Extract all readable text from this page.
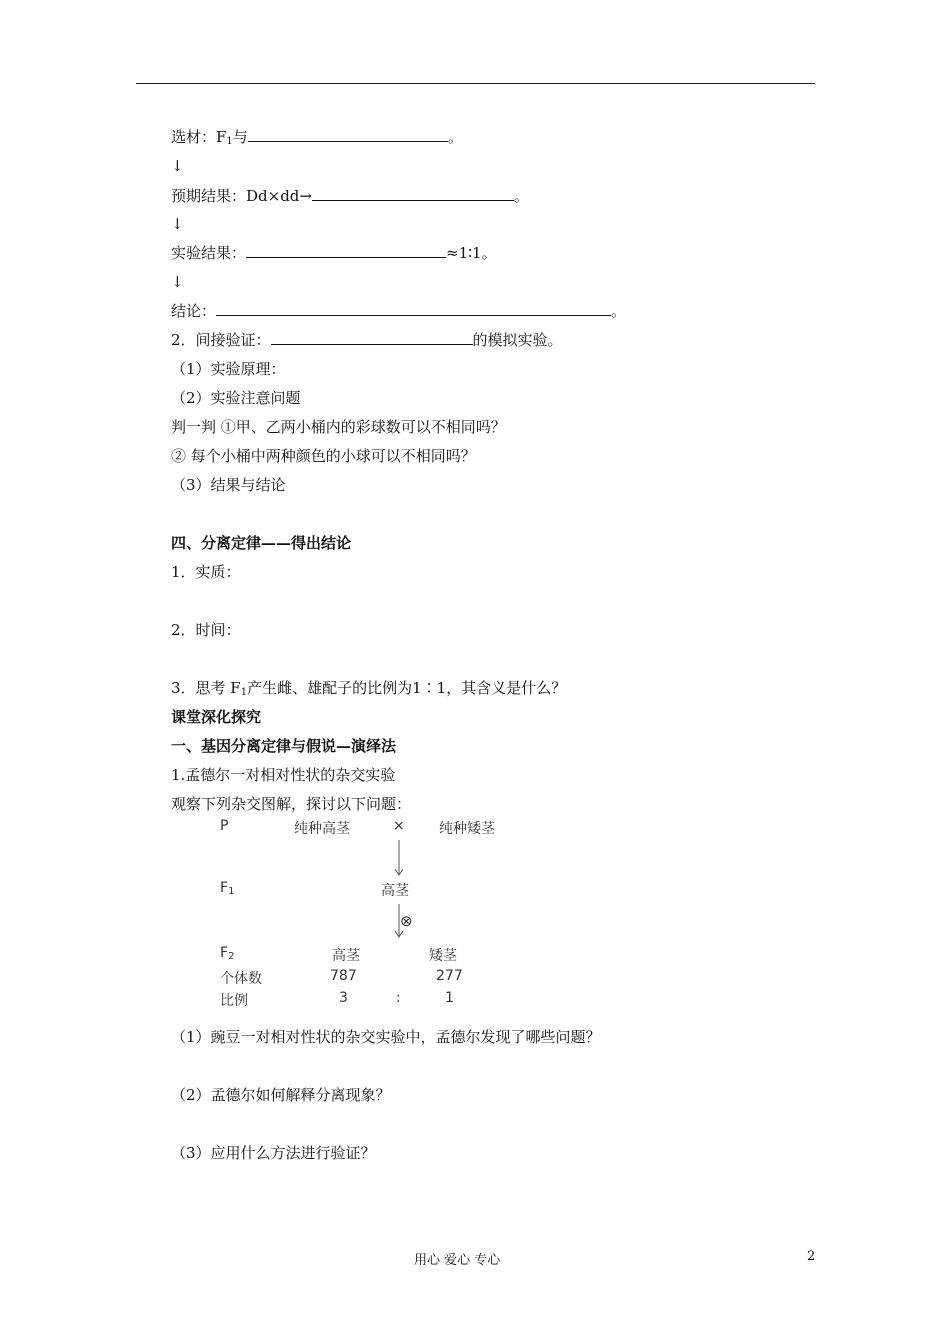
选材：$F_1$与	。
↓
预期结果：Dd×dd→	。
↓
实验结果：	≈1∶1。
↓
结论：	。
2．间接验证：	的模拟实验。
（1）实验原理：
（2）实验注意问题
判一判 ①甲、乙两小桶内的彩球数可以不相同吗？
② 每个小桶中两种颜色的小球可以不相同吗？
（3）结果与结论
四、分离定律——得出结论
1．实质：
2．时间：
3．思考 $F_1$产生雌、雄配子的比例为1∶1，其含义是什么？
课堂深化探究
一、基因分离定律与假说—演绎法
1.孟德尔一对相对性状的杂交实验
观察下列杂交图解，探讨以下问题：
P	纯种高茎	× 纯种矮茎
$F_1$	高茎
⊗
$F_2$	高茎	矮茎
个体数	787	277
比例	3	:	1
（1）豌豆一对相对性状的杂交实验中，孟德尔发现了哪些问题？
（2）孟德尔如何解释分离现象？
（3）应用什么方法进行验证？
用心 爱心 专心	2
